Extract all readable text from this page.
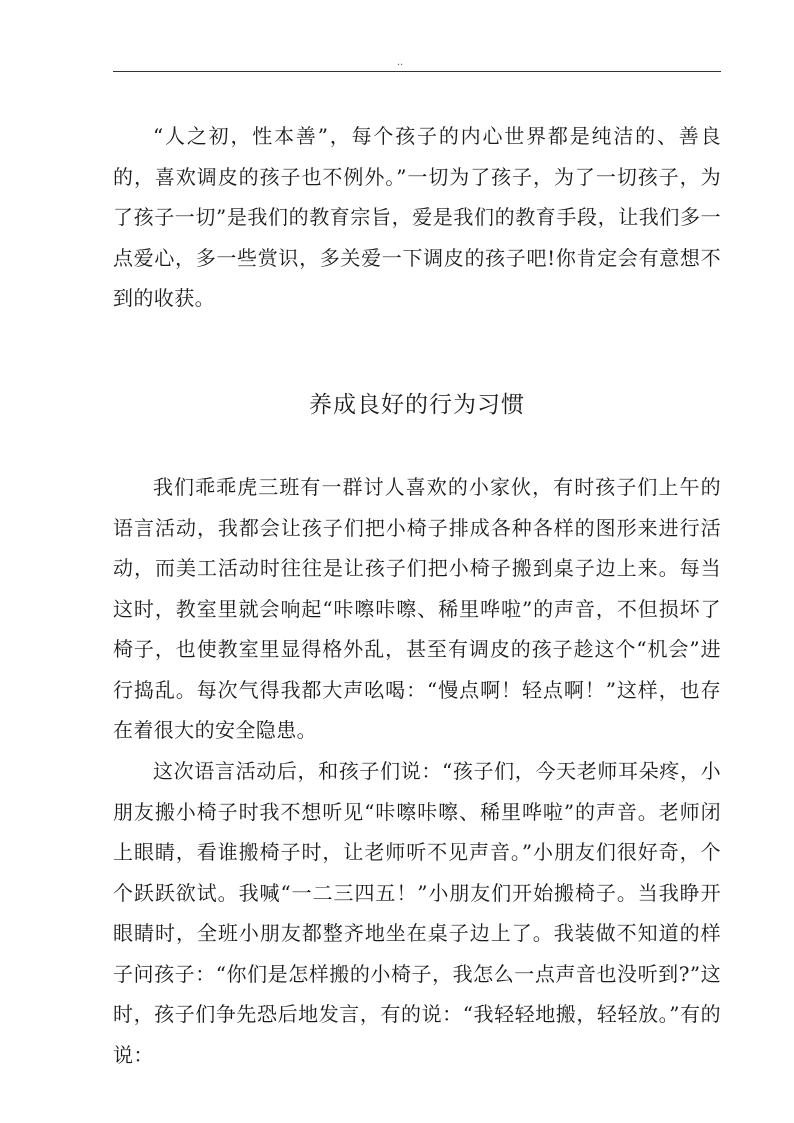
..

“人之初，性本善”，每个孩子的内心世界都是纯洁的、善良的，喜欢调皮的孩子也不例外。”一切为了孩子，为了一切孩子，为了孩子一切”是我们的教育宗旨，爱是我们的教育手段，让我们多一点爱心，多一些赏识，多关爱一下调皮的孩子吧!你肯定会有意想不到的收获。

养成良好的行为习惯

我们乖乖虎三班有一群讨人喜欢的小家伙，有时孩子们上午的语言活动，我都会让孩子们把小椅子排成各种各样的图形来进行活动，而美工活动时往往是让孩子们把小椅子搬到桌子边上来。每当这时，教室里就会响起“咔嚓咔嚓、稀里哗啦”的声音，不但损坏了椅子，也使教室里显得格外乱，甚至有调皮的孩子趁这个“机会”进行捣乱。每次气得我都大声吆喝：“慢点啊！轻点啊！”这样，也存在着很大的安全隐患。

这次语言活动后，和孩子们说：“孩子们，今天老师耳朵疼，小朋友搬小椅子时我不想听见“咔嚓咔嚓、稀里哗啦”的声音。老师闭上眼睛，看谁搬椅子时，让老师听不见声音。”小朋友们很好奇，个个跃跃欲试。我喊“一二三四五！”小朋友们开始搬椅子。当我睁开眼睛时，全班小朋友都整齐地坐在桌子边上了。我装做不知道的样子问孩子：“你们是怎样搬的小椅子，我怎么一点声音也没听到?”这时，孩子们争先恐后地发言，有的说：“我轻轻地搬，轻轻放。”有的说：
